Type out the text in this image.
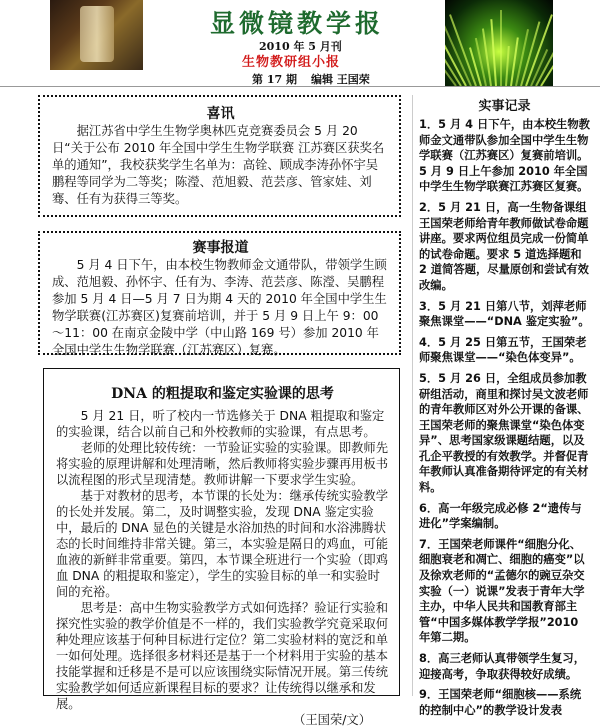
显微镜教学报
2010 年 5 月刊
生物教研组小报
第 17 期 编辑 王国荣
喜讯

据江苏省中学生生物学奥林匹克竞赛委员会 5 月 20 日“关于公布 2010 年全国中学生生物学联赛 江苏赛区获奖名单的通知”，我校获奖学生名单为：高铨、顾成李涛孙怀宇吴鹏程等同学为二等奖；陈瀅、范旭毅、范芸彦、管家娃、刘骞、任有为获得三等奖。

赛事报道

5 月 4 日下午，由本校生物教师金文通带队，带领学生顾成、范旭毅、孙怀宇、任有为、李涛、范芸彦、陈瀅、吴鹏程参加 5 月 4 日—5 月 7 日为期 4 天的 2010 年全国中学生生物学联赛(江苏赛区)复赛前培训，并于 5 月 9 日上午 9：00～11：00 在南京金陵中学（中山路 169 号）参加 2010 年全国中学生生物学联赛（江苏赛区）复赛。

DNA 的粗提取和鉴定实验课的思考

5 月 21 日，听了校内一节选修关于 DNA 粗提取和鉴定的实验课，结合以前自己和外校教师的实验课，有点思考。

老师的处理比较传统：一节验证实验的实验课。即教师先将实验的原理讲解和处理清晰，然后教师将实验步骤再用板书以流程图的形式呈现清楚。教师讲解一下要求学生实验。

基于对教材的思考，本节课的长处为：继承传统实验教学的长处并发展。第二，及时调整实验，发现 DNA 鉴定实验中，最后的 DNA 显色的关键是水浴加热的时间和水浴沸腾状态的长时间维持非常关键。第三，本实验是隔日的鸡血，可能血液的新鲜非常重要。第四，本节课全班进行一个实验（即鸡血 DNA 的粗提取和鉴定），学生的实验目标的单一和实验时间的充裕。

思考是：高中生物实验教学方式如何选择？验证行实验和探究性实验的教学价值是不一样的，我们实验教学究竟采取何种处理应该基于何种目标进行定位？第二实验材料的宽泛和单一如何处理。选择很多材料还是基于一个材料用于实验的基本技能掌握和迁移是不是可以应该围绕实际情况开展。第三传统实验教学如何适应新课程目标的要求？让传统得以继承和发展。

（王国荣/文）

实事记录
1．5 月 4 日下午，由本校生物教师金文通带队参加全国中学生生物学联赛（江苏赛区）复赛前培训。5 月 9 日上午参加 2010 年全国中学生生物学联赛江苏赛区复赛。
2．5 月 21 日，高一生物备课组王国荣老师给青年教师做试卷命题讲座。要求两位组员完成一份简单的试卷命题。要求 5 道选择题和 2 道简答题，尽量原创和尝试有效改编。
3．5 月 21 日第八节，刘萍老师聚焦课堂——“DNA 鉴定实验”。
4．5 月 25 日第五节，王国荣老师聚焦课堂——“染色体变异”。
5．5 月 26 日，全组成员参加教研组活动，商里和探讨吴文波老师的青年教师区对外公开课的备课、王国荣老师的聚焦课堂“染色体变异”、思考国家级课题结题，以及孔企平教授的有效教学。并督促青年教师认真准备期待评定的有关材料。
6．高一年级完成必修 2“遗传与进化”学案编制。
7．王国荣老师课件“细胞分化、细胞衰老和凋亡、细胞的癌变”以及徐欢老师的“孟德尔的豌豆杂交实验（一）说课”发表于青年大学主办，中华人民共和国教育部主管“中国多媒体教学学报”2010 年第二期。
8．高三老师认真带领学生复习，迎接高考，争取获得较好成绩。
9．王国荣老师“细胞核——系统的控制中心”的教学设计发表
